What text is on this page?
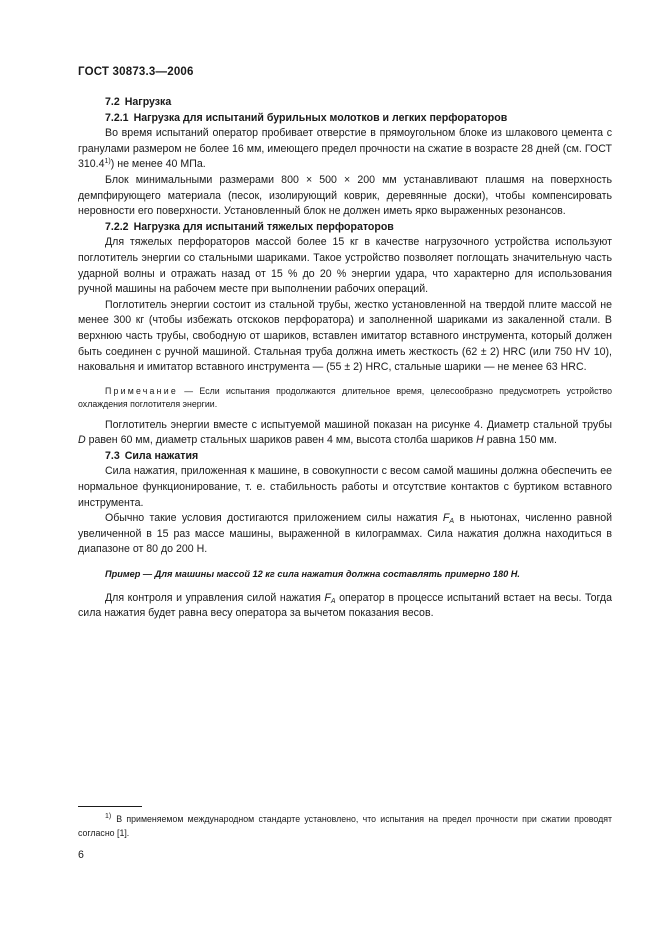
ГОСТ 30873.3—2006
7.2 Нагрузка
7.2.1 Нагрузка для испытаний бурильных молотков и легких перфораторов

Во время испытаний оператор пробивает отверстие в прямоугольном блоке из шлакового цемента с гранулами размером не более 16 мм, имеющего предел прочности на сжатие в возрасте 28 дней (см. ГОСТ 310.4$^{1)}$) не менее 40 МПа.

Блок минимальными размерами 800 × 500 × 200 мм устанавливают плашмя на поверхность демпфирующего материала (песок, изолирующий коврик, деревянные доски), чтобы компенсировать неровности его поверхности. Установленный блок не должен иметь ярко выраженных резонансов.

7.2.2 Нагрузка для испытаний тяжелых перфораторов

Для тяжелых перфораторов массой более 15 кг в качестве нагрузочного устройства используют поглотитель энергии со стальными шариками. Такое устройство позволяет поглощать значительную часть ударной волны и отражать назад от 15 % до 20 % энергии удара, что характерно для использования ручной машины на рабочем месте при выполнении рабочих операций.

Поглотитель энергии состоит из стальной трубы, жестко установленной на твердой плите массой не менее 300 кг (чтобы избежать отскоков перфоратора) и заполненной шариками из закаленной стали. В верхнюю часть трубы, свободную от шариков, вставлен имитатор вставного инструмента, который должен быть соединен с ручной машиной. Стальная труба должна иметь жесткость (62 ± 2) HRC (или 750 HV 10), наковальня и имитатор вставного инструмента — (55 ± 2) HRC, стальные шарики — не менее 63 HRC.

Примечание — Если испытания продолжаются длительное время, целесообразно предусмотреть устройство охлаждения поглотителя энергии.

Поглотитель энергии вместе с испытуемой машиной показан на рисунке 4. Диаметр стальной трубы D равен 60 мм, диаметр стальных шариков равен 4 мм, высота столба шариков H равна 150 мм.

7.3 Сила нажатия

Сила нажатия, приложенная к машине, в совокупности с весом самой машины должна обеспечить ее нормальное функционирование, т. е. стабильность работы и отсутствие контактов с буртиком вставного инструмента.

Обычно такие условия достигаются приложением силы нажатия $F_A$ в ньютонах, численно равной увеличенной в 15 раз массе машины, выраженной в килограммах. Сила нажатия должна находиться в диапазоне от 80 до 200 Н.

Пример — Для машины массой 12 кг сила нажатия должна составлять примерно 180 Н.

Для контроля и управления силой нажатия $F_A$ оператор в процессе испытаний встает на весы. Тогда сила нажатия будет равна весу оператора за вычетом показания весов.

$^{1)}$ В применяемом международном стандарте установлено, что испытания на предел прочности при сжатии проводят согласно [1].

6
